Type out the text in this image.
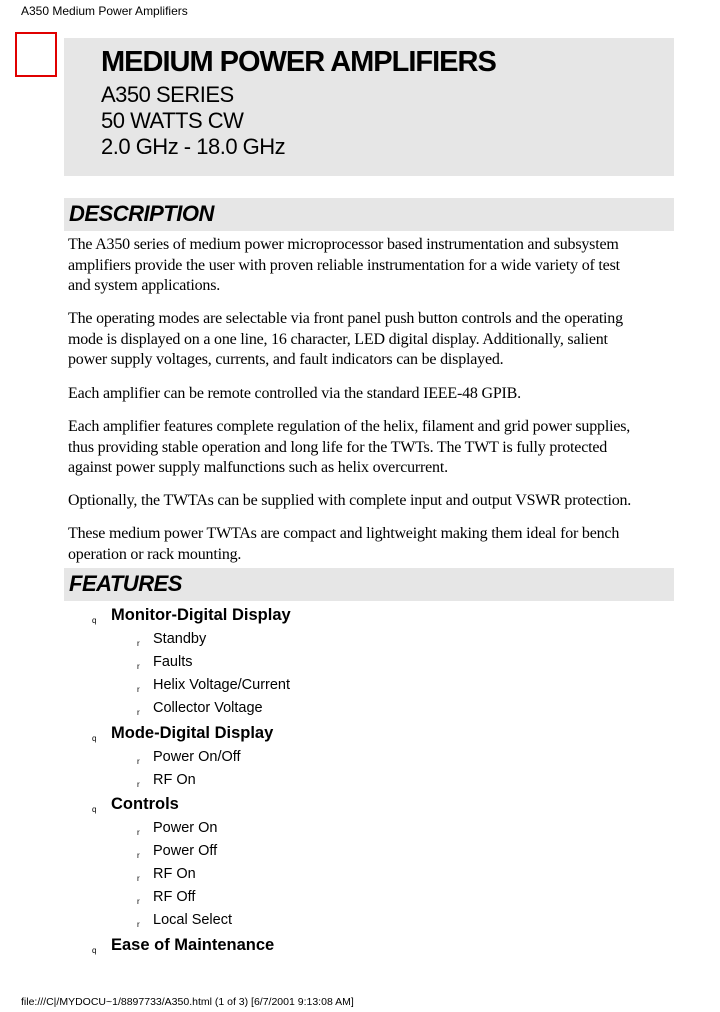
A350 Medium Power Amplifiers
MEDIUM POWER AMPLIFIERS
A350 SERIES
50 WATTS CW
2.0 GHz - 18.0 GHz
DESCRIPTION
The A350 series of medium power microprocessor based instrumentation and subsystem
amplifiers provide the user with proven reliable instrumentation for a wide variety of test
and system applications.
The operating modes are selectable via front panel push button controls and the operating
mode is displayed on a one line, 16 character, LED digital display. Additionally, salient
power supply voltages, currents, and fault indicators can be displayed.
Each amplifier can be remote controlled via the standard IEEE-48 GPIB.
Each amplifier features complete regulation of the helix, filament and grid power supplies,
thus providing stable operation and long life for the TWTs. The TWT is fully protected
against power supply malfunctions such as helix overcurrent.
Optionally, the TWTAs can be supplied with complete input and output VSWR protection.
These medium power TWTAs are compact and lightweight making them ideal for bench
operation or rack mounting.
FEATURES
q Monitor-Digital Display
r Standby
r Faults
r Helix Voltage/Current
r Collector Voltage
q Mode-Digital Display
r Power On/Off
r RF On
q Controls
r Power On
r Power Off
r RF On
r RF Off
r Local Select
q Ease of Maintenance
file:///C|/MYDOCU~1/8897733/A350.html (1 of 3) [6/7/2001 9:13:08 AM]
